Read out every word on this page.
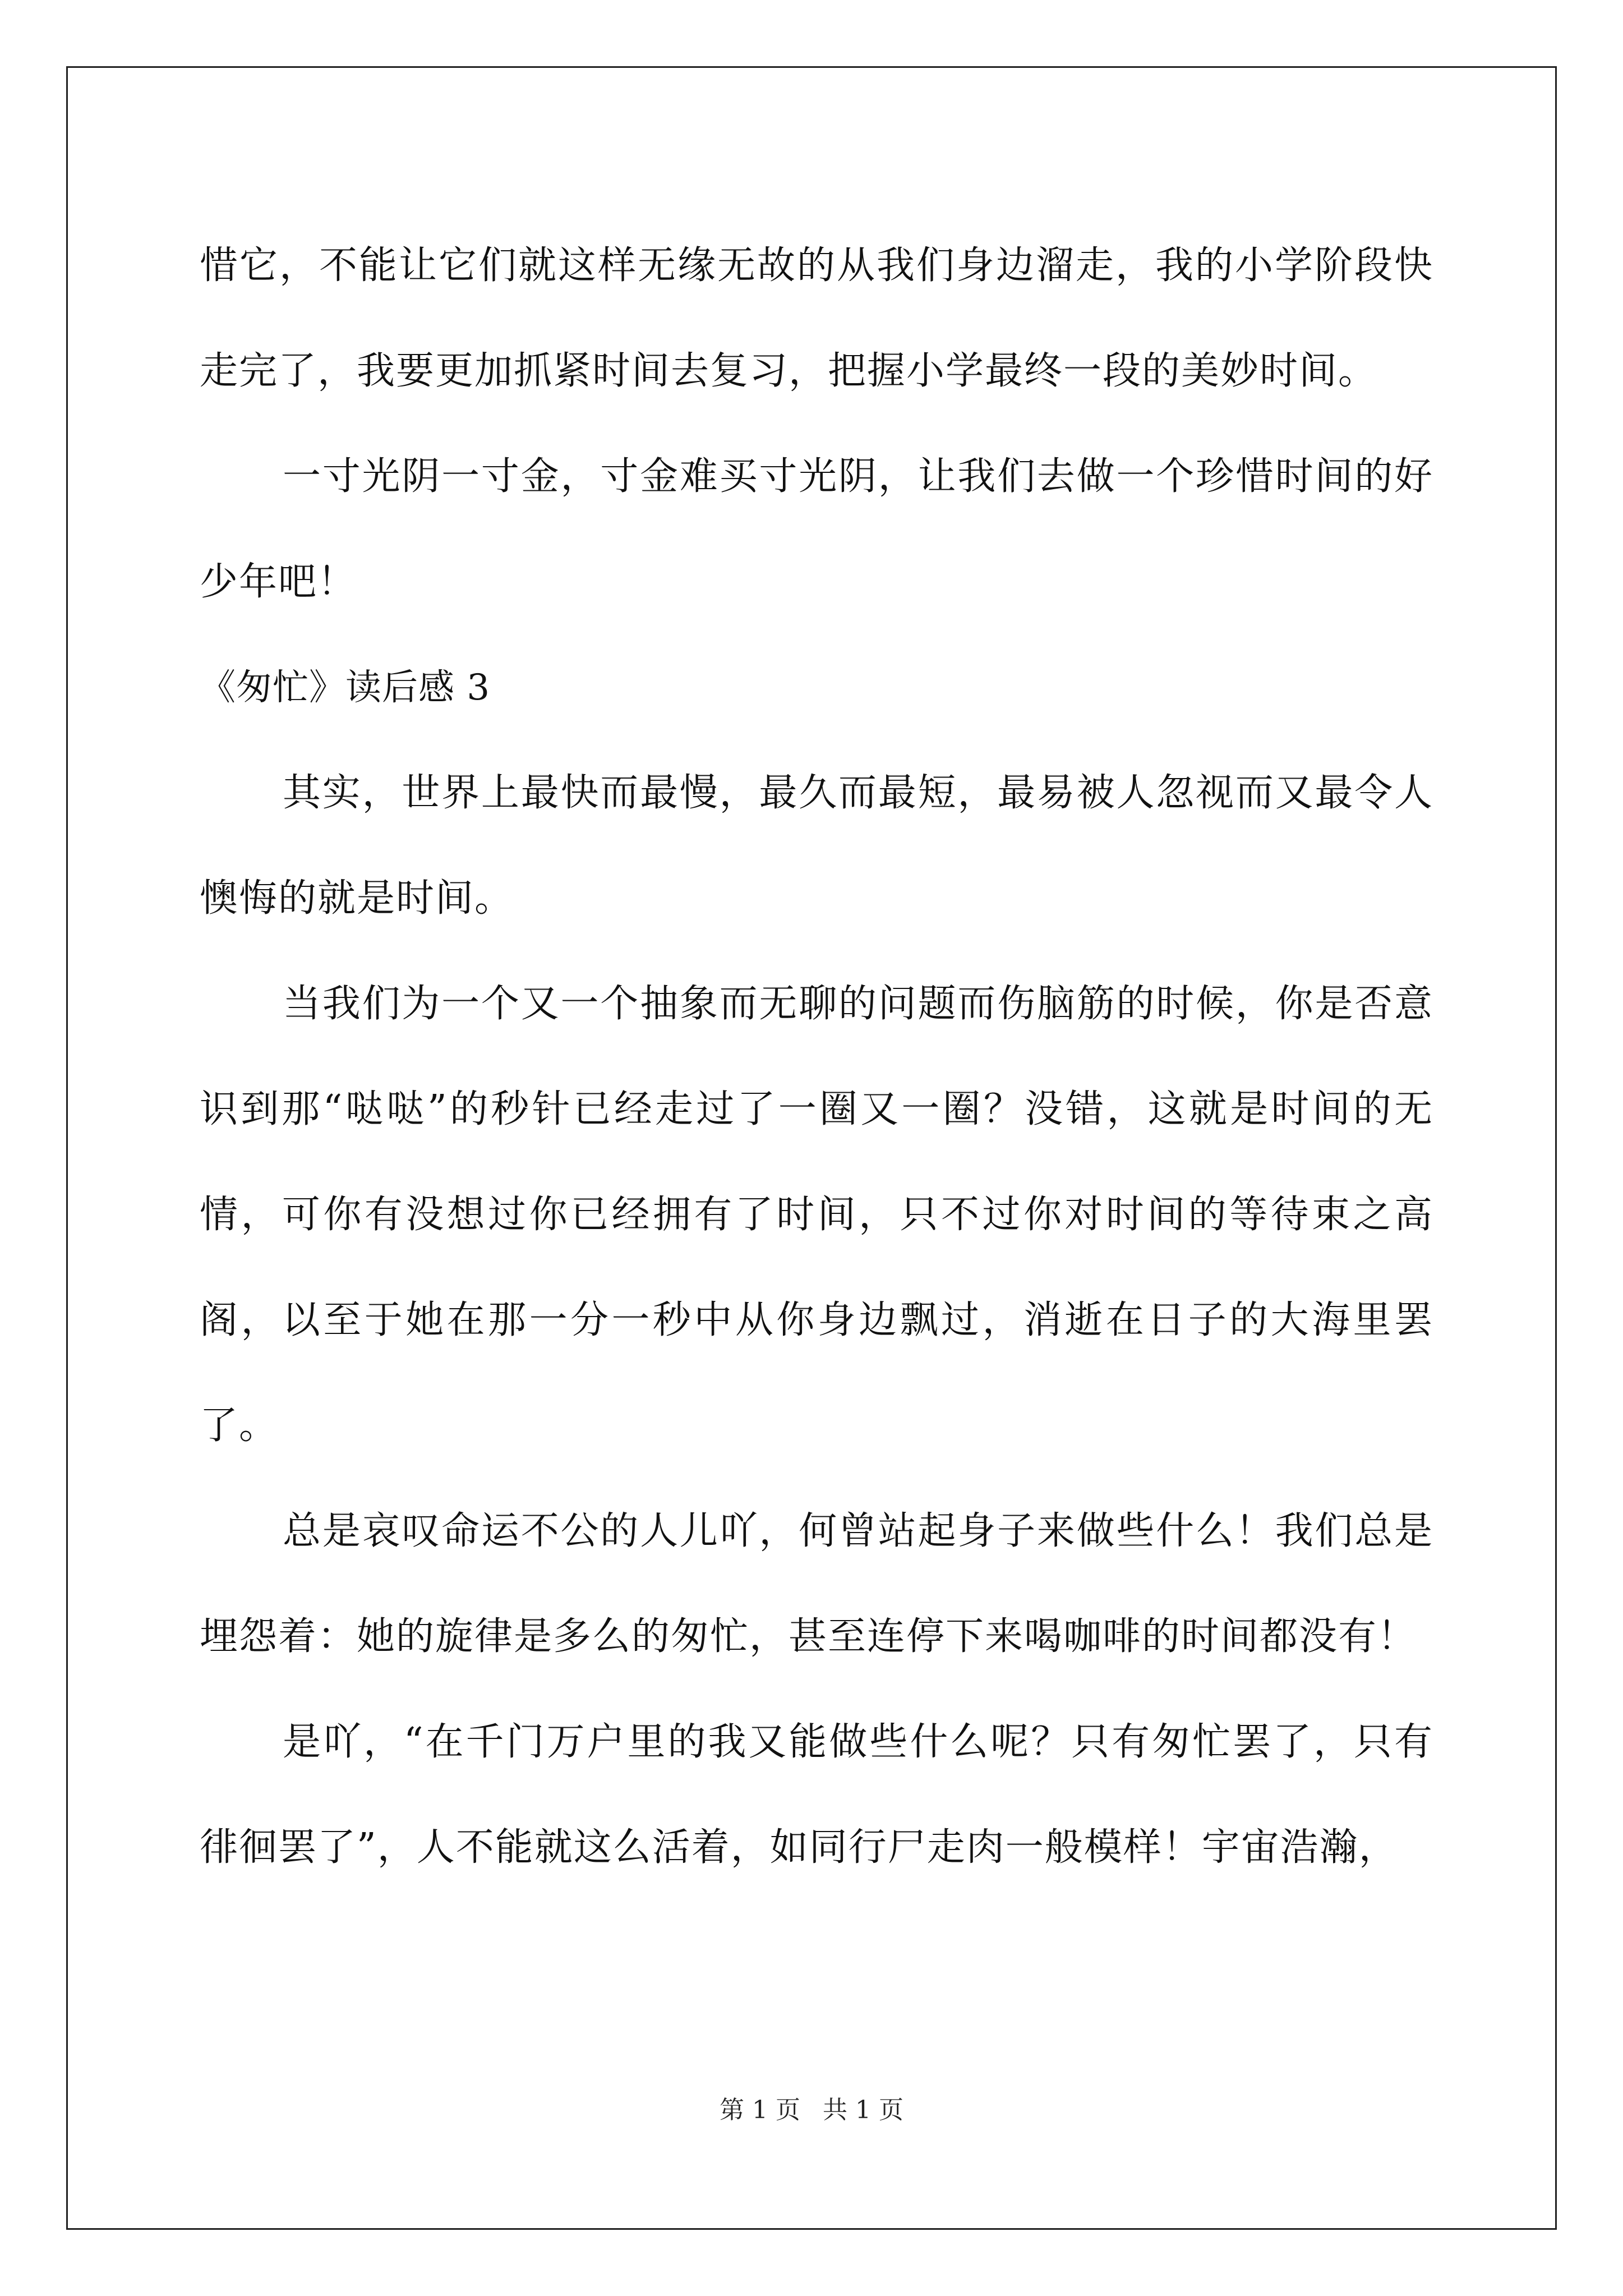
惜它，不能让它们就这样无缘无故的从我们身边溜走，我的小学阶段快走完了，我要更加抓紧时间去复习，把握小学最终一段的美妙时间。

一寸光阴一寸金，寸金难买寸光阴，让我们去做一个珍惜时间的好少年吧！

《匆忙》读后感 3

其实，世界上最快而最慢，最久而最短，最易被人忽视而又最令人懊悔的就是时间。

当我们为一个又一个抽象而无聊的问题而伤脑筋的时候，你是否意识到那“哒哒”的秒针已经走过了一圈又一圈？没错，这就是时间的无情，可你有没想过你已经拥有了时间，只不过你对时间的等待束之高阁，以至于她在那一分一秒中从你身边飘过，消逝在日子的大海里罢了。

总是哀叹命运不公的人儿吖，何曾站起身子来做些什么！我们总是埋怨着：她的旋律是多么的匆忙，甚至连停下来喝咖啡的时间都没有！

是吖，“在千门万户里的我又能做些什么呢？只有匆忙罢了，只有徘徊罢了”，人不能就这么活着，如同行尸走肉一般模样！宇宙浩瀚，

第 1 页 共 1 页
